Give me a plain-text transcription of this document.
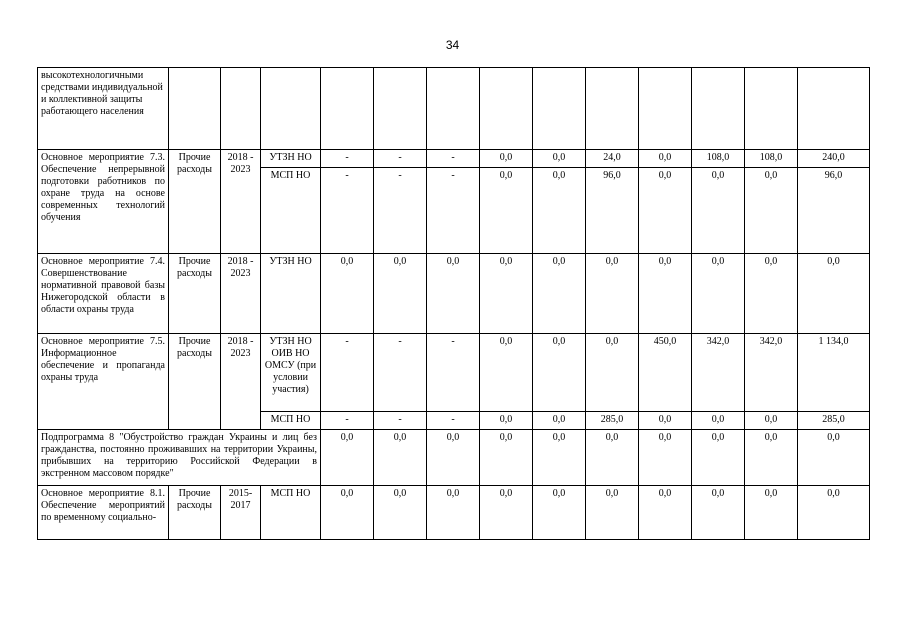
34
высокотехнологичными средствами индивидуальной и коллективной защиты работающего населения													
Основное мероприятие 7.3. Обеспечение непрерывной подготовки работников по охране труда на основе современных технологий обучения	Прочие расходы	2018 - 2023	УТЗН НО	-	-	-	0,0	0,0	24,0	0,0	108,0	108,0	240,0
			МСП НО	-	-	-	0,0	0,0	96,0	0,0	0,0	0,0	96,0
Основное мероприятие 7.4. Совершенствование нормативной правовой базы Нижегородской области в области охраны труда	Прочие расходы	2018 - 2023	УТЗН НО	0,0	0,0	0,0	0,0	0,0	0,0	0,0	0,0	0,0	0,0
Основное мероприятие 7.5. Информационное обеспечение и пропаганда охраны труда	Прочие расходы	2018 - 2023	УТЗН НО ОИВ НО ОМСУ (при условии участия)	-	-	-	0,0	0,0	0,0	450,0	342,0	342,0	1 134,0
			МСП НО	-	-	-	0,0	0,0	285,0	0,0	0,0	0,0	285,0
Подпрограмма 8 "Обустройство граждан Украины и лиц без гражданства, постоянно проживавших на территории Украины, прибывших на территорию Российской Федерации в экстренном массовом порядке"				0,0	0,0	0,0	0,0	0,0	0,0	0,0	0,0	0,0	0,0
Основное мероприятие 8.1. Обеспечение мероприятий по временному социально-	Прочие расходы	2015-2017	МСП НО	0,0	0,0	0,0	0,0	0,0	0,0	0,0	0,0	0,0	0,0
